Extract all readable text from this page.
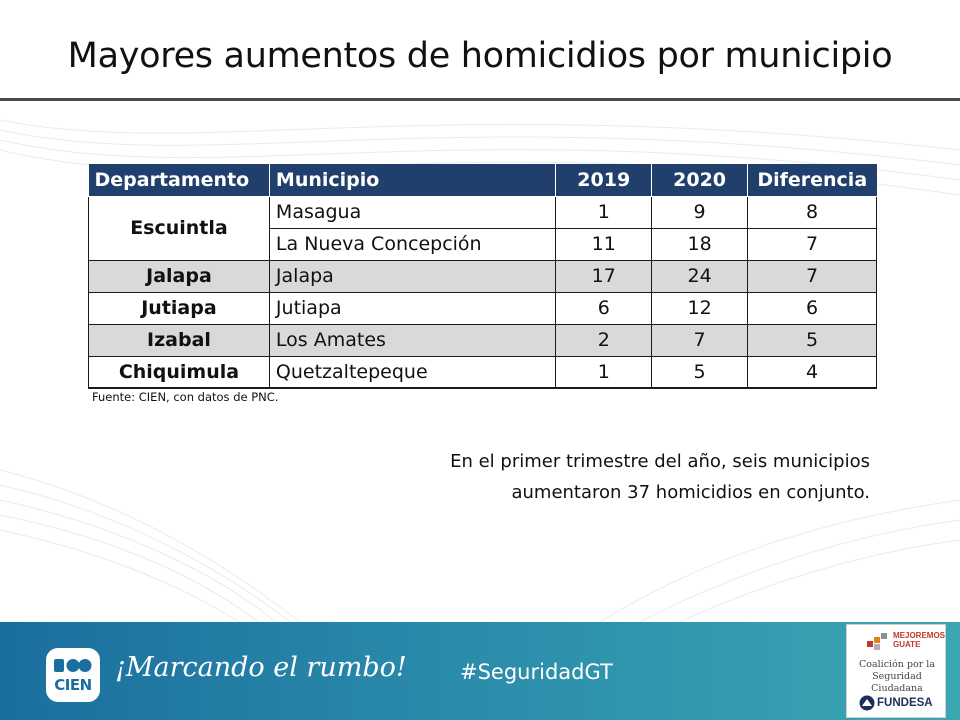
Mayores aumentos de homicidios por municipio
Departamento	Municipio	2019	2020	Diferencia
Escuintla	Masagua	1	9	8
	La Nueva Concepción	11	18	7
Jalapa	Jalapa	17	24	7
Jutiapa	Jutiapa	6	12	6
Izabal	Los Amates	2	7	5
Chiquimula	Quetzaltepeque	1	5	4
Fuente: CIEN, con datos de PNC.
En el primer trimestre del año, seis municipios
aumentaron 37 homicidios en conjunto.
CIEN
¡Marcando el rumbo!	#SeguridadGT
MEJOREMOS
GUATE
Coalición por la
Seguridad Ciudadana
FUNDESA
